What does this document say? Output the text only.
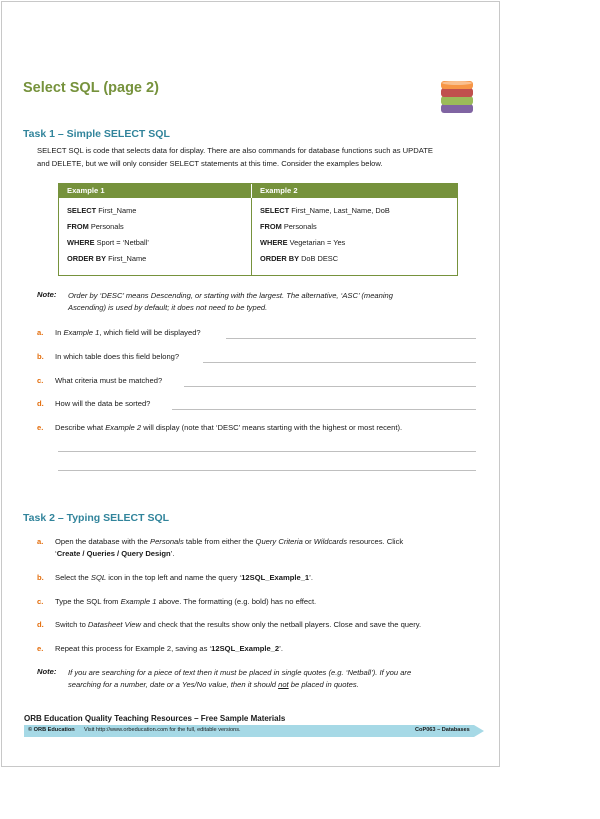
Select SQL (page 2)
Task 1 – Simple SELECT SQL
SELECT SQL is code that selects data for display. There are also commands for database functions such as UPDATE
and DELETE, but we will only consider SELECT statements at this time. Consider the examples below.
Example 1	Example 2
SELECT First_Name
FROM Personals
WHERE Sport = ‘Netball’
ORDER BY First_Name
SELECT First_Name, Last_Name, DoB
FROM Personals
WHERE Vegetarian = Yes
ORDER BY DoB DESC
Note: Order by ‘DESC’ means Descending, or starting with the largest. The alternative, ‘ASC’ (meaning
Ascending) is used by default; it does not need to be typed.
a. In Example 1, which field will be displayed?
b. In which table does this field belong?
c. What criteria must be matched?
d. How will the data be sorted?
e. Describe what Example 2 will display (note that ‘DESC’ means starting with the highest or most recent).
Task 2 – Typing SELECT SQL
a. Open the database with the Personals table from either the Query Criteria or Wildcards resources. Click
‘Create / Queries / Query Design’.
b. Select the SQL icon in the top left and name the query ‘12SQL_Example_1’.
c. Type the SQL from Example 1 above. The formatting (e.g. bold) has no effect.
d. Switch to Datasheet View and check that the results show only the netball players. Close and save the query.
e. Repeat this process for Example 2, saving as ‘12SQL_Example_2’.
Note: If you are searching for a piece of text then it must be placed in single quotes (e.g. ‘Netball’). If you are
searching for a number, date or a Yes/No value, then it should not be placed in quotes.
ORB Education Quality Teaching Resources – Free Sample Materials
© ORB Education Visit http://www.orbeducation.com for the full, editable versions.	CoP063 – Databases
